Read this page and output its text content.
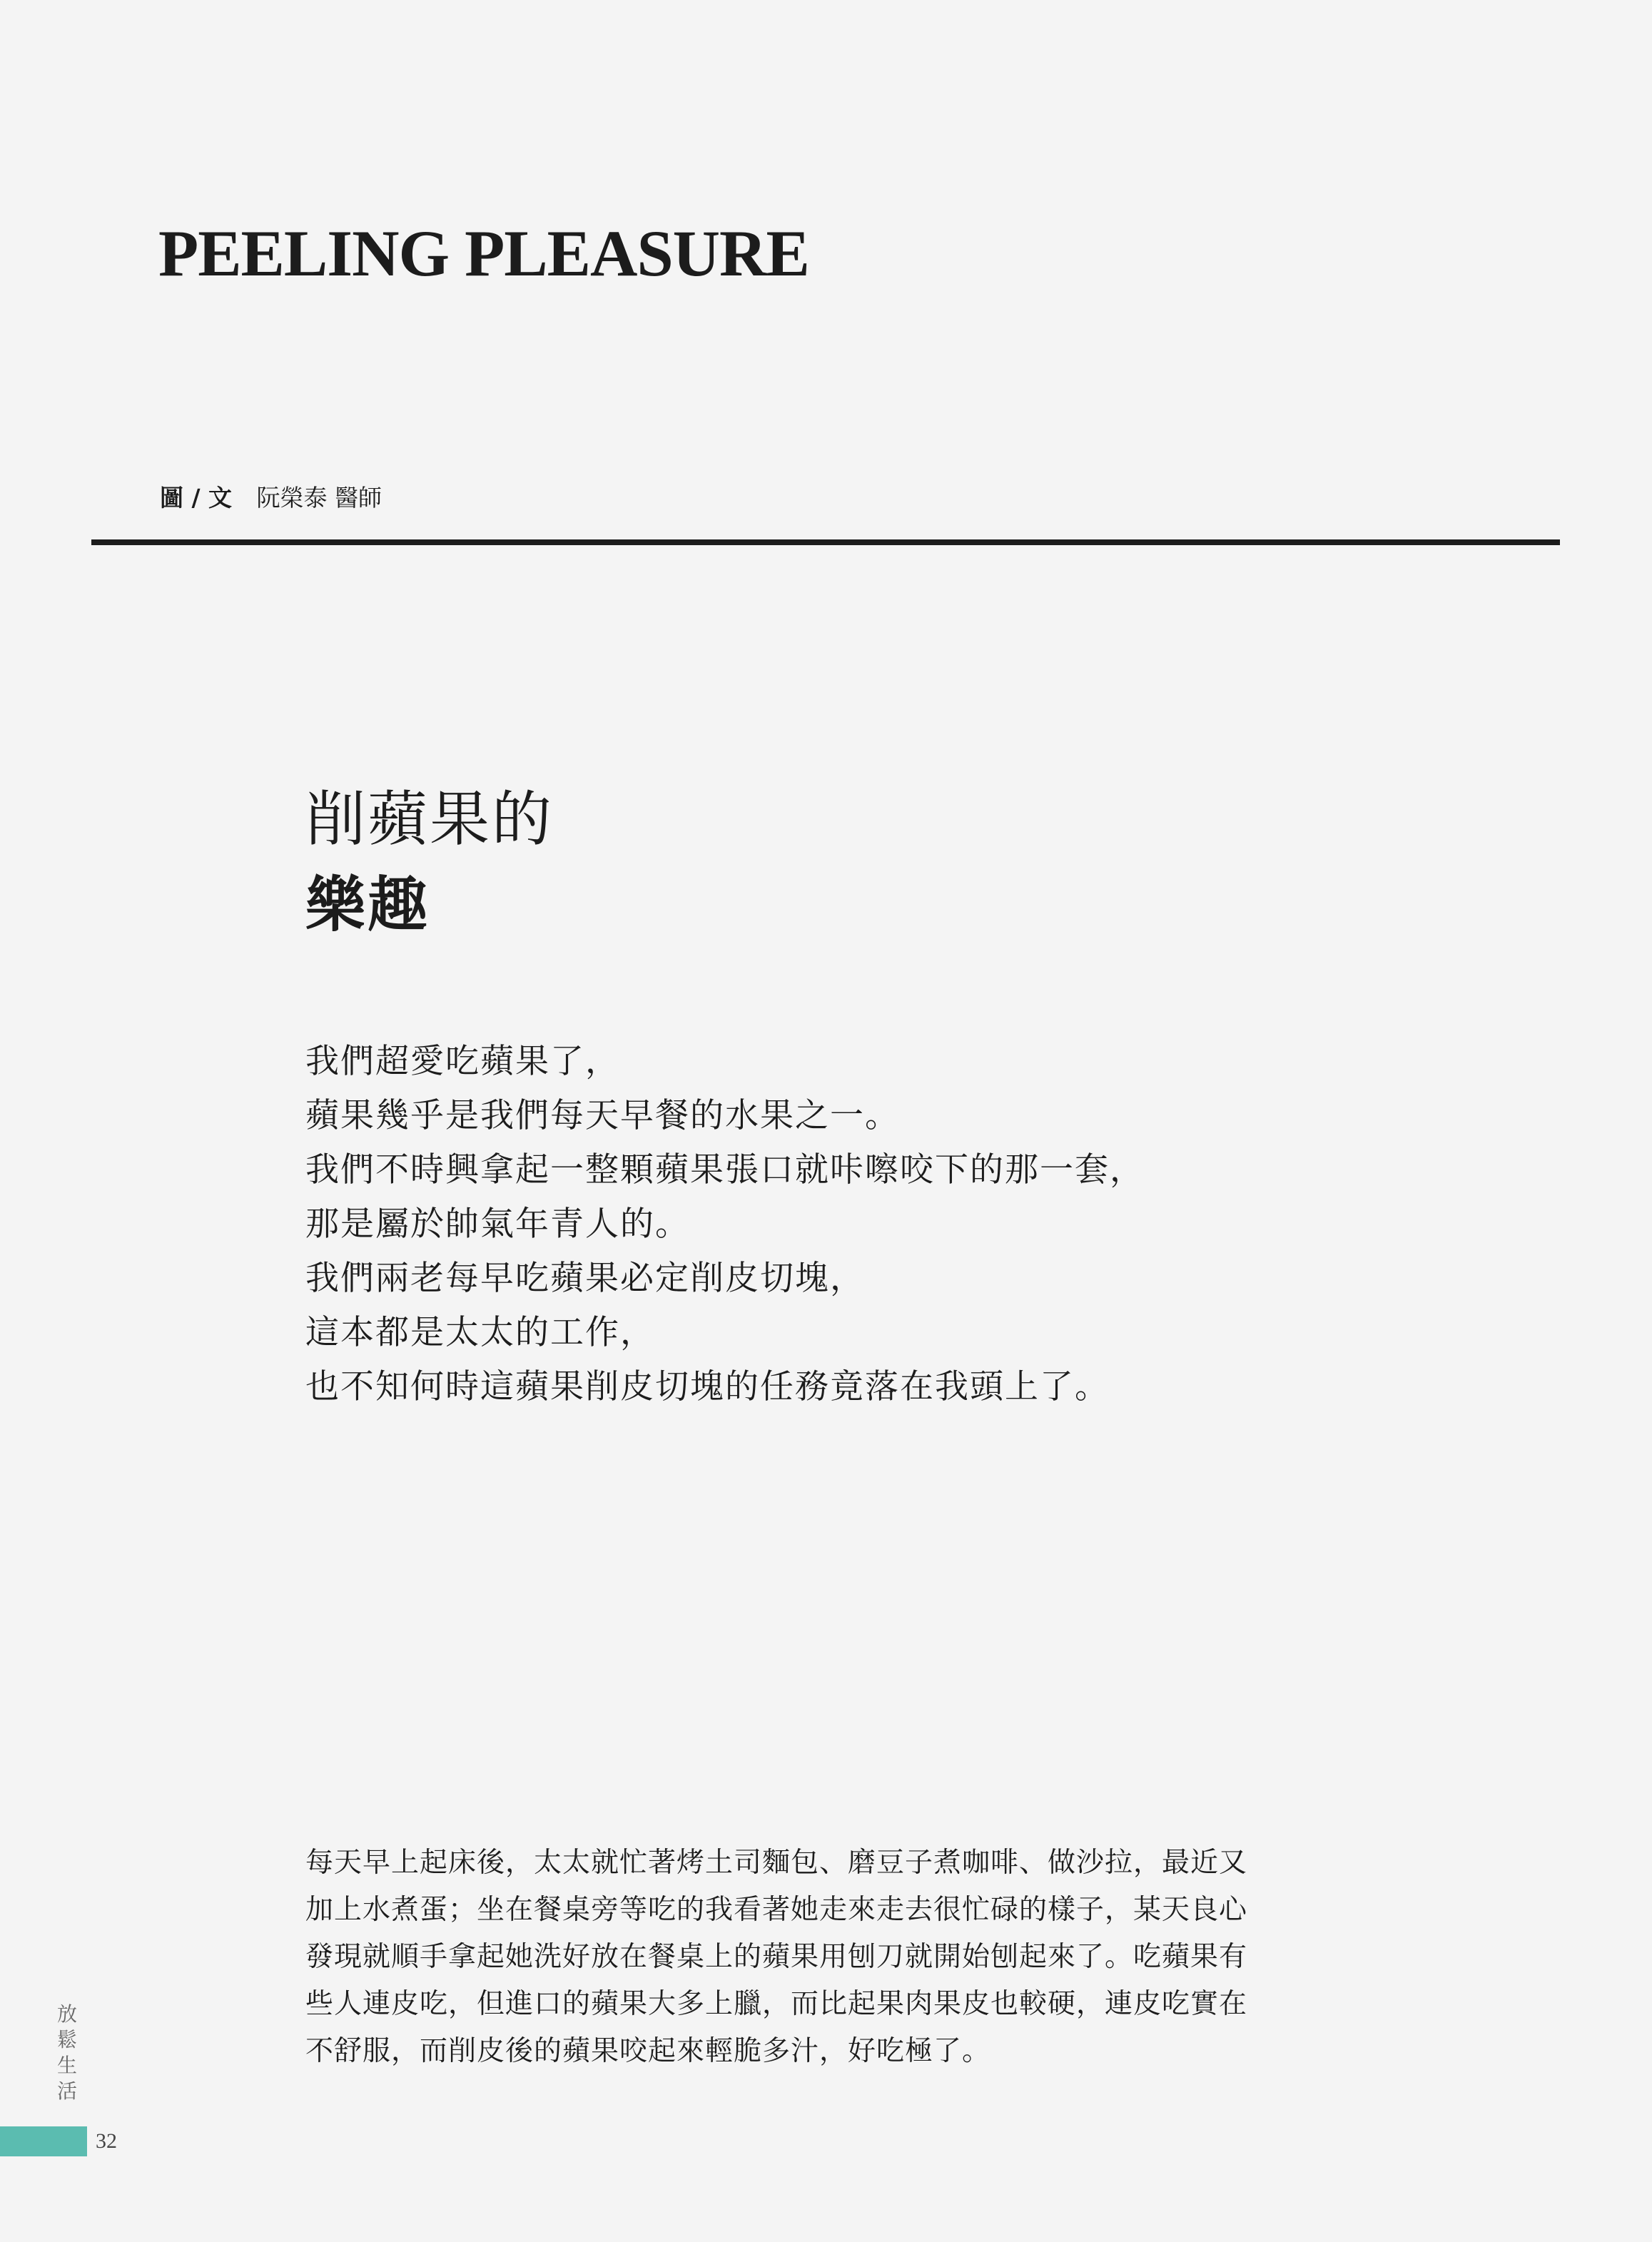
PEELING PLEASURE
圖 / 文 阮榮泰 醫師
削蘋果的
樂趣
我們超愛吃蘋果了，
蘋果幾乎是我們每天早餐的水果之一。
我們不時興拿起一整顆蘋果張口就咔嚓咬下的那一套，
那是屬於帥氣年青人的。
我們兩老每早吃蘋果必定削皮切塊，
這本都是太太的工作，
也不知何時這蘋果削皮切塊的任務竟落在我頭上了。
每天早上起床後，太太就忙著烤土司麵包、磨豆子煮咖啡、做沙拉，最近又
加上水煮蛋；坐在餐桌旁等吃的我看著她走來走去很忙碌的樣子，某天良心
發現就順手拿起她洗好放在餐桌上的蘋果用刨刀就開始刨起來了。吃蘋果有
些人連皮吃，但進口的蘋果大多上臘，而比起果肉果皮也較硬，連皮吃實在
不舒服，而削皮後的蘋果咬起來輕脆多汁，好吃極了。
放
鬆
生
活
32
